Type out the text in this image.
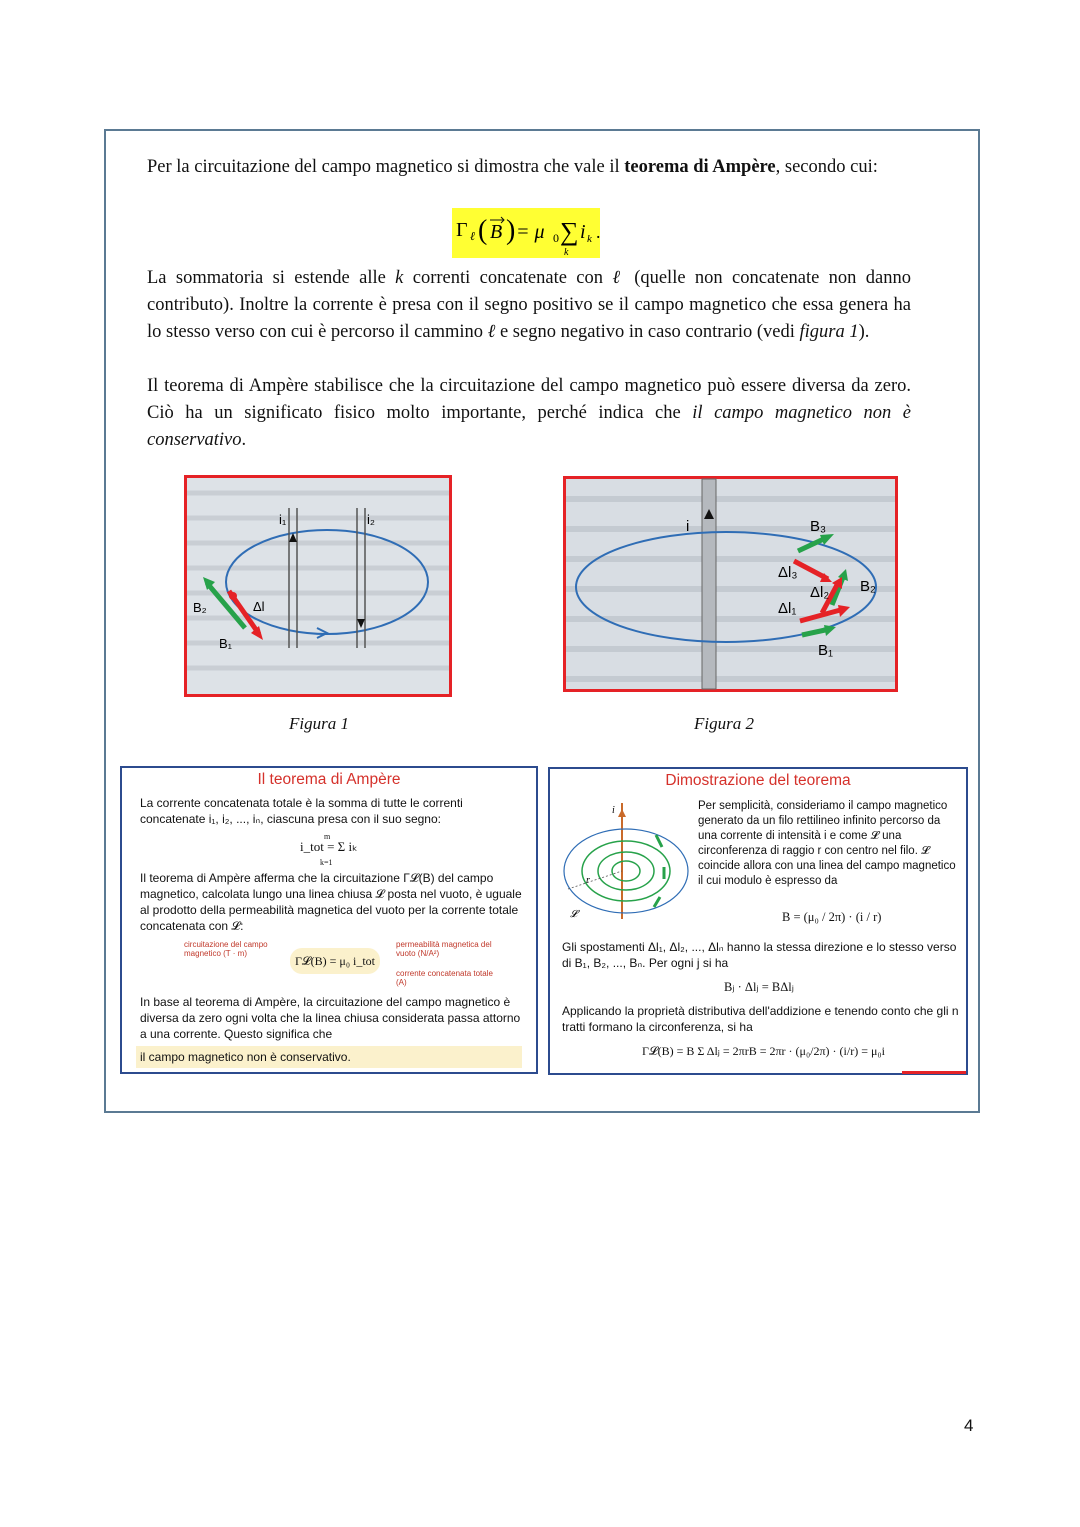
Per la circuitazione del campo magnetico si dimostra che vale il teorema di Ampère, secondo cui:
Γ ℓ ( B ) = μ 0 ∑
k
i k .
La sommatoria si estende alle k correnti concatenate con ℓ (quelle non concatenate non danno contributo). Inoltre la corrente è presa con il segno positivo se il campo magnetico che essa genera ha lo stesso verso con cui è percorso il cammino ℓ e segno negativo in caso contrario (vedi figura 1).
Il teorema di Ampère stabilisce che la circuitazione del campo magnetico può essere diversa da zero. Ciò ha un significato fisico molto importante, perché indica che il campo magnetico non è conservativo.
i₁	i₂
B₂	Δl
B₁
i	B₃
Δl₃
Δl₂ B₂
Δl₁
B₁
Figura 1	Figura 2
Il teorema di Ampère
La corrente concatenata totale è la somma di tutte le correnti concatenate i₁, i₂, ..., iₙ, ciascuna presa con il suo segno:
m
i_tot = Σ iₖ
k=1
Il teorema di Ampère afferma che la circuitazione Γ𝓛(B) del campo magnetico, calcolata lungo una linea chiusa 𝓛 posta nel vuoto, è uguale al prodotto della permeabilità magnetica del vuoto per la corrente totale concatenata con 𝓛:
circuitazione del campo magnetico (T · m)
Γ𝓛(B) = μ₀ i_tot
permeabilità magnetica del vuoto (N/A²)
corrente concatenata totale (A)
In base al teorema di Ampère, la circuitazione del campo magnetico è diversa da zero ogni volta che la linea chiusa considerata passa attorno a una corrente. Questo significa che
il campo magnetico non è conservativo.
Dimostrazione del teorema
i
r
𝓛
Per semplicità, consideriamo il campo magnetico generato da un filo rettilineo infinito percorso da una corrente di intensità i e come 𝓛 una circonferenza di raggio r con centro nel filo. 𝓛 coincide allora con una linea del campo magnetico il cui modulo è espresso da
B = (μ₀ / 2π) · (i / r)
Gli spostamenti Δl₁, Δl₂, ..., Δlₙ hanno la stessa direzione e lo stesso verso di B₁, B₂, ..., Bₙ. Per ogni j si ha
Bⱼ · Δlⱼ = BΔlⱼ
Applicando la proprietà distributiva dell'addizione e tenendo conto che gli n tratti formano la circonferenza, si ha
Γ𝓛(B) = B Σ Δlⱼ = 2πrB = 2πr · (μ₀/2π) · (i/r) = μ₀i
4
